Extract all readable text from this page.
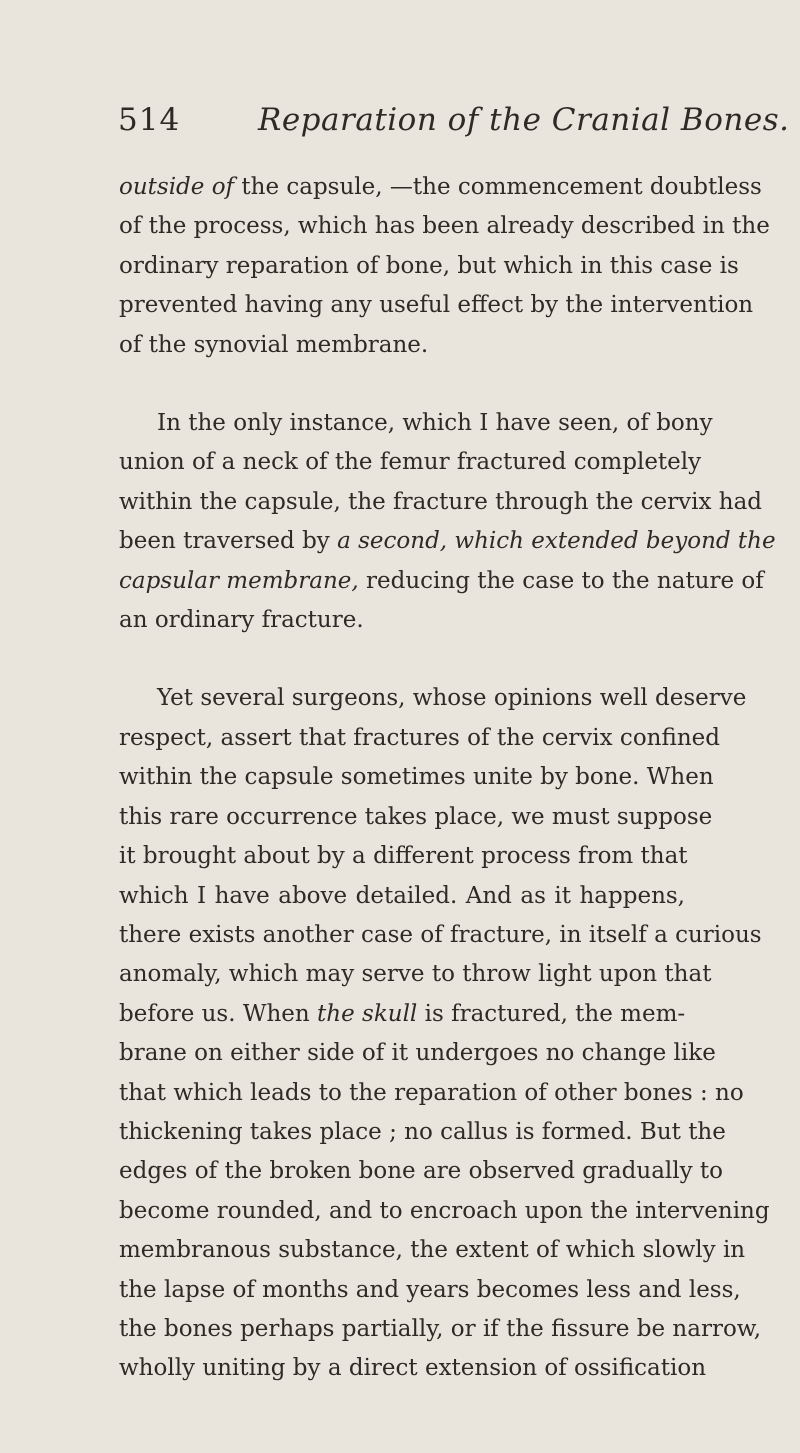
514	Reparation of the Cranial Bones.

outside of the capsule, —the commencement doubtless
of the process, which has been already described in the
ordinary reparation of bone, but which in this case is
prevented having any useful effect by the intervention
of the synovial membrane.

In the only instance, which I have seen, of bony
union of a neck of the femur fractured completely
within the capsule, the fracture through the cervix had
been traversed by a second, which extended beyond the
capsular membrane, reducing the case to the nature of
an ordinary fracture.

Yet several surgeons, whose opinions well deserve
respect, assert that fractures of the cervix confined
within the capsule sometimes unite by bone. When
this rare occurrence takes place, we must suppose
it brought about by a different process from that
which I have above detailed. And as it happens,
there exists another case of fracture, in itself a curious
anomaly, which may serve to throw light upon that
before us. When the skull is fractured, the mem-
brane on either side of it undergoes no change like
that which leads to the reparation of other bones : no
thickening takes place ; no callus is formed. But the
edges of the broken bone are observed gradually to
become rounded, and to encroach upon the intervening
membranous substance, the extent of which slowly in
the lapse of months and years becomes less and less,
the bones perhaps partially, or if the fissure be narrow,
wholly uniting by a direct extension of ossification
